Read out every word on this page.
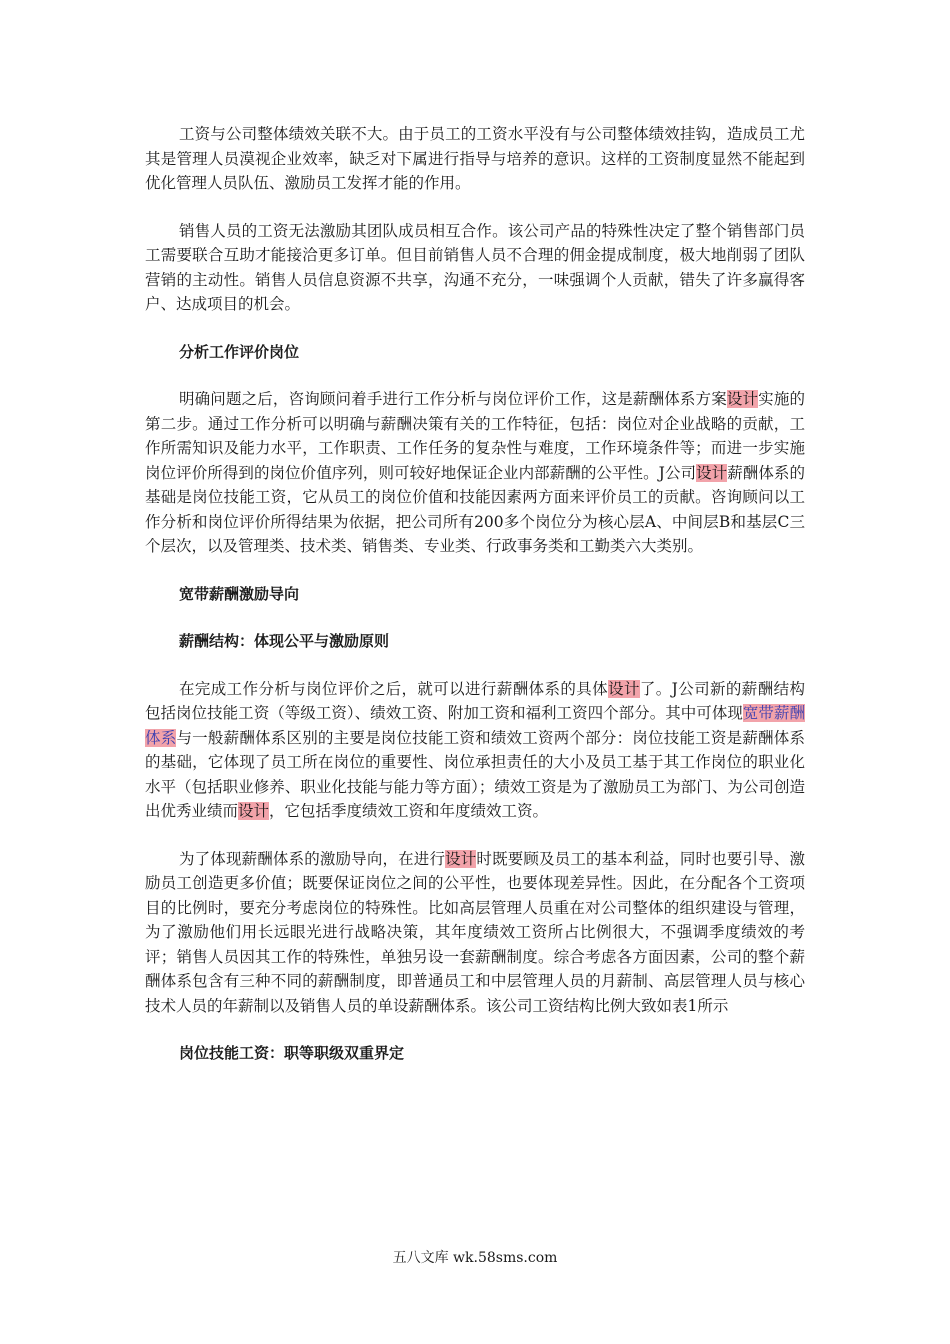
工资与公司整体绩效关联不大。由于员工的工资水平没有与公司整体绩效挂钩，造成员工尤其是管理人员漠视企业效率，缺乏对下属进行指导与培养的意识。这样的工资制度显然不能起到优化管理人员队伍、激励员工发挥才能的作用。

销售人员的工资无法激励其团队成员相互合作。该公司产品的特殊性决定了整个销售部门员工需要联合互助才能接洽更多订单。但目前销售人员不合理的佣金提成制度，极大地削弱了团队营销的主动性。销售人员信息资源不共享，沟通不充分，一味强调个人贡献，错失了许多赢得客户、达成项目的机会。

分析工作评价岗位

明确问题之后，咨询顾问着手进行工作分析与岗位评价工作，这是薪酬体系方案设计实施的第二步。通过工作分析可以明确与薪酬决策有关的工作特征，包括：岗位对企业战略的贡献，工作所需知识及能力水平，工作职责、工作任务的复杂性与难度，工作环境条件等；而进一步实施岗位评价所得到的岗位价值序列，则可较好地保证企业内部薪酬的公平性。J公司设计薪酬体系的基础是岗位技能工资，它从员工的岗位价值和技能因素两方面来评价员工的贡献。咨询顾问以工作分析和岗位评价所得结果为依据，把公司所有200多个岗位分为核心层A、中间层B和基层C三个层次，以及管理类、技术类、销售类、专业类、行政事务类和工勤类六大类别。

宽带薪酬激励导向

薪酬结构：体现公平与激励原则

在完成工作分析与岗位评价之后，就可以进行薪酬体系的具体设计了。J公司新的薪酬结构包括岗位技能工资（等级工资）、绩效工资、附加工资和福利工资四个部分。其中可体现宽带薪酬体系与一般薪酬体系区别的主要是岗位技能工资和绩效工资两个部分：岗位技能工资是薪酬体系的基础，它体现了员工所在岗位的重要性、岗位承担责任的大小及员工基于其工作岗位的职业化水平（包括职业修养、职业化技能与能力等方面）；绩效工资是为了激励员工为部门、为公司创造出优秀业绩而设计，它包括季度绩效工资和年度绩效工资。

为了体现薪酬体系的激励导向，在进行设计时既要顾及员工的基本利益，同时也要引导、激励员工创造更多价值；既要保证岗位之间的公平性，也要体现差异性。因此，在分配各个工资项目的比例时，要充分考虑岗位的特殊性。比如高层管理人员重在对公司整体的组织建设与管理，为了激励他们用长远眼光进行战略决策，其年度绩效工资所占比例很大，不强调季度绩效的考评；销售人员因其工作的特殊性，单独另设一套薪酬制度。综合考虑各方面因素，公司的整个薪酬体系包含有三种不同的薪酬制度，即普通员工和中层管理人员的月薪制、高层管理人员与核心技术人员的年薪制以及销售人员的单设薪酬体系。该公司工资结构比例大致如表1所示

岗位技能工资：职等职级双重界定

五八文库 wk.58sms.com
